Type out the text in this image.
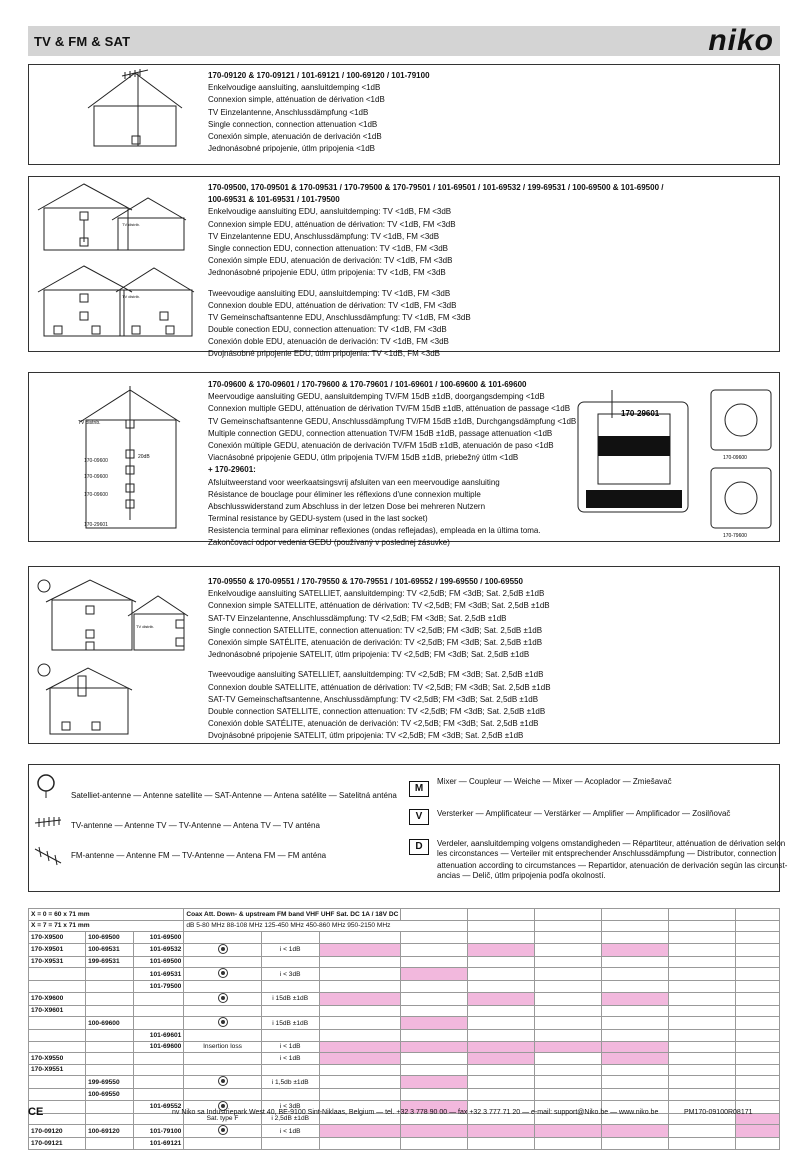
TV & FM & SAT	niko
170-09120 & 170-09121 / 101-69121 / 100-69120 / 101-79100
Enkelvoudige aansluiting, aansluitdemping <1dB
Connexion simple, atténuation de dérivation <1dB
TV Einzelantenne, Anschlussdämpfung <1dB
Single connection, connection attenuation <1dB
Conexión simple, atenuación de derivación <1dB
Jednonásobné pripojenie, útlm pripojenia <1dB
TV distrib.
TV distrib.
170-09500, 170-09501 & 170-09531 / 170-79500 & 170-79501 / 101-69501 / 101-69532 / 199-69531 / 100-69500 & 101-69500 /
100-69531 & 101-69531 / 101-79500
Enkelvoudige aansluiting EDU, aansluitdemping: TV <1dB, FM <3dB
Connexion simple EDU, atténuation de dérivation: TV <1dB, FM <3dB
TV Einzelantenne EDU, Anschlussdämpfung: TV <1dB, FM <3dB
Single connection EDU, connection attenuation: TV <1dB, FM <3dB
Conexión simple EDU, atenuación de derivación: TV <1dB, FM <3dB
Jednonásobné pripojenie EDU, útlm pripojenia: TV <1dB, FM <3dB
Tweevoudige aansluiting EDU, aansluitdemping: TV <1dB, FM <3dB
Connexion double EDU, atténuation de dérivation: TV <1dB, FM <3dB
TV Gemeinschaftsantenne EDU, Anschlussdämpfung: TV <1dB, FM <3dB
Double conection EDU, connection attenuation: TV <1dB, FM <3dB
Conexión doble EDU, atenuación de derivación: TV <1dB, FM <3dB
Dvojnásobné pripojenie EDU, útlm pripojenia: TV <1dB, FM <3dB
TV distrib.
20dB
170-09600
170-09600
170-09600
170-29601
170-09600 & 170-09601 / 170-79600 & 170-79601 / 101-69601 / 100-69600 & 101-69600
Meervoudige aansluiting GEDU, aansluitdemping TV/FM 15dB ±1dB, doorgangsdemping <1dB
Connexion multiple GEDU, atténuation de dérivation TV/FM 15dB ±1dB, atténuation de passage <1dB
TV Gemeinschaftsantenne GEDU, Anschlussdämpfung TV/FM 15dB ±1dB, Durchgangsdämpfung <1dB
Multiple connection GEDU, connection attenuation TV/FM 15dB ±1dB, passage attenuation <1dB
Conexión múltiple GEDU, atenuación de derivación TV/FM 15dB ±1dB, atenuación de paso <1dB
Viacnásobné pripojenie GEDU, útlm pripojenia TV/FM 15dB ±1dB, priebežný útlm <1dB
+ 170-29601:
Afsluitweerstand voor weerkaatsingsvrij afsluiten van een meervoudige aansluiting
Résistance de bouclage pour éliminer les réflexions d'une connexion multiple
Abschlusswiderstand zum Abschluss in der letzen Dose bei mehreren Nutzern
Terminal resistance by GEDU-system (used in the last socket)
Resistencia terminal para eliminar reflexiones (ondas reflejadas), empleada en la última toma.
Zakončovací odpor vedenia GEDU (používaný v poslednej zásuvke)
170-29601
170-09600
170-79600
TV distrib.
170-09550 & 170-09551 / 170-79550 & 170-79551 / 101-69552 / 199-69550 / 100-69550
Enkelvoudige aansluiting SATELLIET, aansluitdemping: TV <2,5dB; FM <3dB; Sat. 2,5dB ±1dB
Connexion simple SATELLITE, atténuation de dérivation: TV <2,5dB; FM <3dB; Sat. 2,5dB ±1dB
SAT-TV Einzelantenne, Anschlussdämpfung: TV <2,5dB; FM <3dB; Sat. 2,5dB ±1dB
Single connection SATELLITE, connection attenuation: TV <2,5dB; FM <3dB; Sat. 2,5dB ±1dB
Conexión simple SATÉLITE, atenuación de derivación: TV <2,5dB; FM <3dB; Sat. 2,5dB ±1dB
Jednonásobné pripojenie SATELIT, útlm pripojenia: TV <2,5dB; FM <3dB; Sat. 2,5dB ±1dB
Tweevoudige aansluiting SATELLIET, aansluitdemping: TV <2,5dB; FM <3dB; Sat. 2,5dB ±1dB
Connexion double SATELLITE, atténuation de dérivation: TV <2,5dB; FM <3dB; Sat. 2,5dB ±1dB
SAT-TV Gemeinschaftsantenne, Anschlussdämpfung: TV <2,5dB; FM <3dB; Sat. 2,5dB ±1dB
Double connection SATELLITE, connection attenuation: TV <2,5dB; FM <3dB; Sat. 2,5dB ±1dB
Conexión doble SATÉLITE, atenuación de derivación: TV <2,5dB; FM <3dB; Sat. 2,5dB ±1dB
Dvojnásobné pripojenie SATELIT, útlm pripojenia: TV <2,5dB; FM <3dB; Sat. 2,5dB ±1dB
Satelliet-antenne — Antenne satellite — SAT-Antenne — Antena satélite — Satelitná anténa
TV-antenne — Antenne TV — TV-Antenne — Antena TV — TV anténa
FM-antenne — Antenne FM — TV-Antenne — Antena FM — FM anténa
M
Mixer — Coupleur — Weiche — Mixer — Acoplador — Zmiešavač
V	Versterker — Amplificateur — Verstärker — Amplifier — Amplificador — Zosilňovač
D	Verdeler, aansluitdemping volgens omstandigheden — Répartiteur, atténuation de dérivation selon
les circonstances — Verteiler mit entsprechender Anschlussdämpfung — Distributor, connection
attenuation according to circumstances — Repartidor, atenuación de derivación según las circunst-
ancias — Delič, útlm pripojenia podľa okolností.
X = 0 = 60 x 71 mm			Coax Att. Down- & upstream FM band VHF UHF Sat. DC 1A / 18V DC								
X = 7 = 71 x 71 mm			dB 5-80 MHz 88-108 MHz 125-450 MHz 450-860 MHz 950-2150 MHz								
170-X9500	100-69500	101-69500									
170-X9501	100-69531	101-69532		i < 1dB							
170-X9531	199-69531	101-69500									
		101-69531		i < 3dB							
		101-79500									
170-X9600				i 15dB ±1dB							
170-X9601											
	100-69600			i 15dB ±1dB							
		101-69601									
		101-69600	Insertion loss	i < 1dB							
170-X9550				i < 1dB							
170-X9551											
	199-69550			i 1,5db ±1dB							
	100-69550										
		101-69552		i < 3dB							
			Sat. type F	i 2,5dB ±1dB							
170-09120	100-69120	101-79100		i < 1dB							
170-09121		101-69121									
CE	nv Niko sa Industriepark West 40, BE-9100 Sint-Niklaas, Belgium — tel. +32 3 778 90 00 — fax +32 3 777 71 20 — e-mail: support@Niko.be — www.niko.be	PM170-09100R08171
